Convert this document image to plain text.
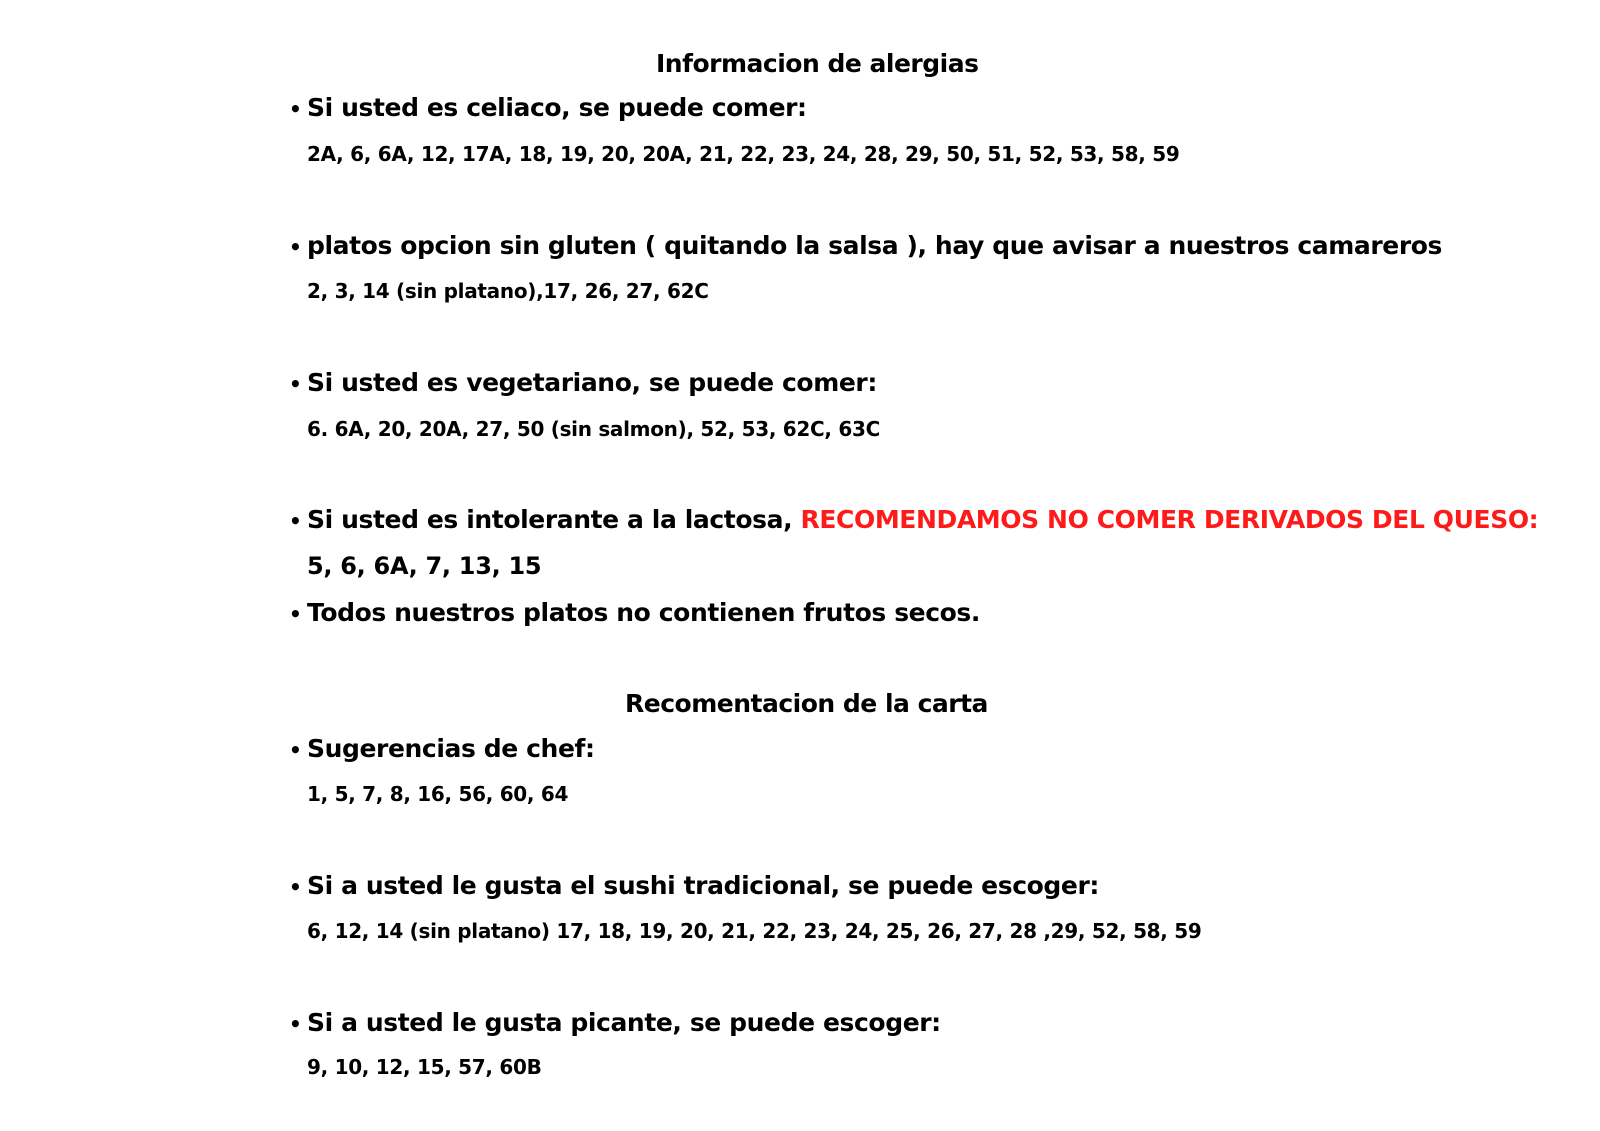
Informacion de alergias
• Si usted es celiaco, se puede comer:
2A, 6, 6A, 12, 17A, 18, 19, 20, 20A, 21, 22, 23, 24, 28, 29, 50, 51, 52, 53, 58, 59
• platos opcion sin gluten ( quitando la salsa ), hay que avisar a nuestros camareros
2, 3, 14 (sin platano),17, 26, 27, 62C
• Si usted es vegetariano, se puede comer:
6. 6A, 20, 20A, 27, 50 (sin salmon), 52, 53, 62C, 63C
• Si usted es intolerante a la lactosa, RECOMENDAMOS NO COMER DERIVADOS DEL QUESO:
5, 6, 6A, 7, 13, 15
• Todos nuestros platos no contienen frutos secos.
Recomentacion de la carta
• Sugerencias de chef:
1, 5, 7, 8, 16, 56, 60, 64
• Si a usted le gusta el sushi tradicional, se puede escoger:
6, 12, 14 (sin platano) 17, 18, 19, 20, 21, 22, 23, 24, 25, 26, 27, 28 ,29, 52, 58, 59
• Si a usted le gusta picante, se puede escoger:
9, 10, 12, 15, 57, 60B
